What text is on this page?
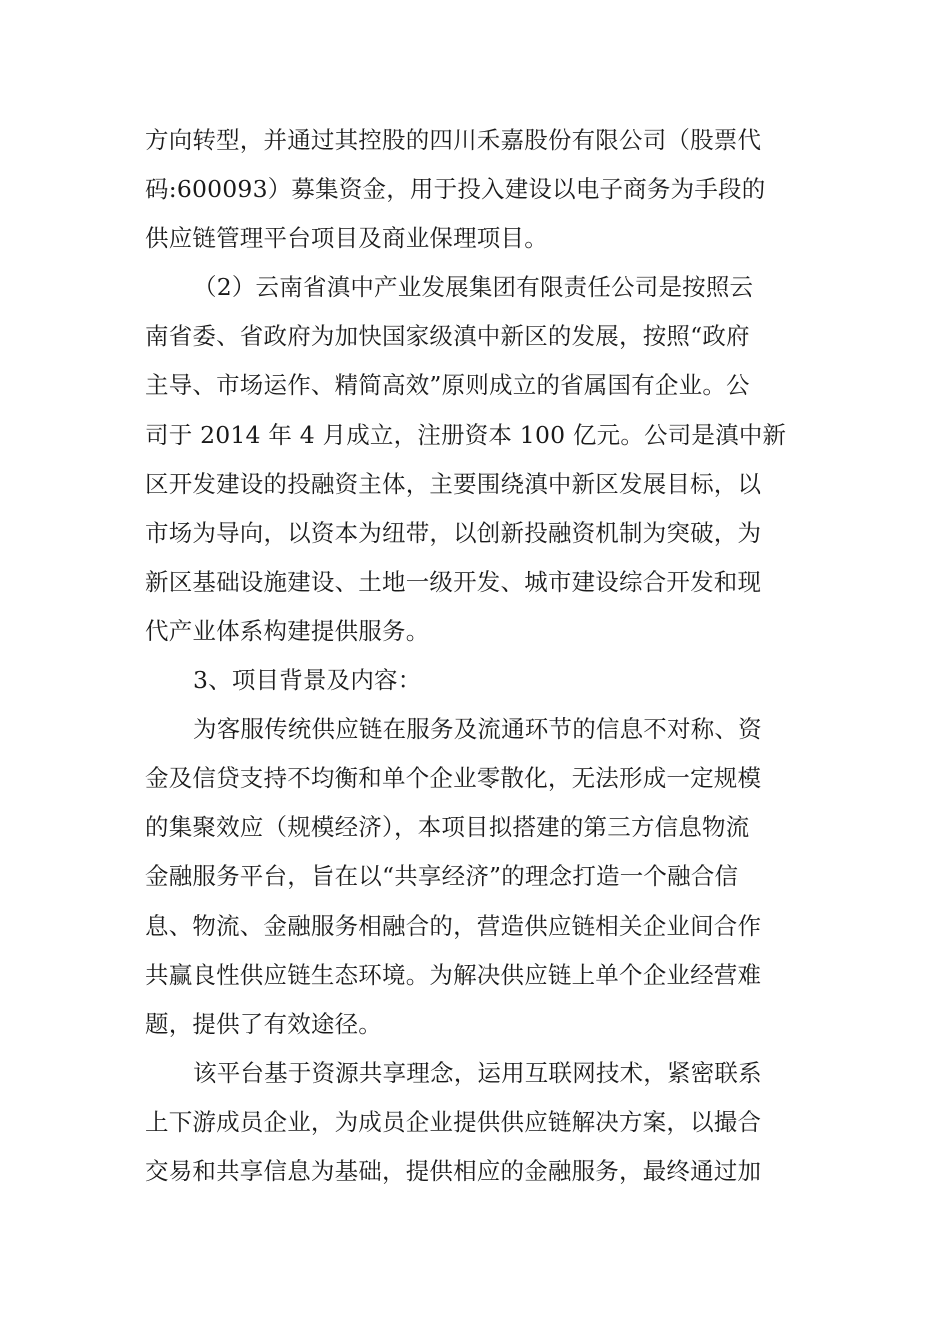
方向转型，并通过其控股的四川禾嘉股份有限公司（股票代
码:600093）募集资金，用于投入建设以电子商务为手段的
供应链管理平台项目及商业保理项目。
（2）云南省滇中产业发展集团有限责任公司是按照云
南省委、省政府为加快国家级滇中新区的发展，按照“政府
主导、市场运作、精简高效”原则成立的省属国有企业。公
司于 2014 年 4 月成立，注册资本 100 亿元。公司是滇中新
区开发建设的投融资主体，主要围绕滇中新区发展目标，以
市场为导向，以资本为纽带，以创新投融资机制为突破，为
新区基础设施建设、土地一级开发、城市建设综合开发和现
代产业体系构建提供服务。
3、项目背景及内容：
为客服传统供应链在服务及流通环节的信息不对称、资
金及信贷支持不均衡和单个企业零散化，无法形成一定规模
的集聚效应（规模经济），本项目拟搭建的第三方信息物流
金融服务平台，旨在以“共享经济”的理念打造一个融合信
息、物流、金融服务相融合的，营造供应链相关企业间合作
共赢良性供应链生态环境。为解决供应链上单个企业经营难
题，提供了有效途径。
该平台基于资源共享理念，运用互联网技术，紧密联系
上下游成员企业，为成员企业提供供应链解决方案，以撮合
交易和共享信息为基础，提供相应的金融服务，最终通过加
